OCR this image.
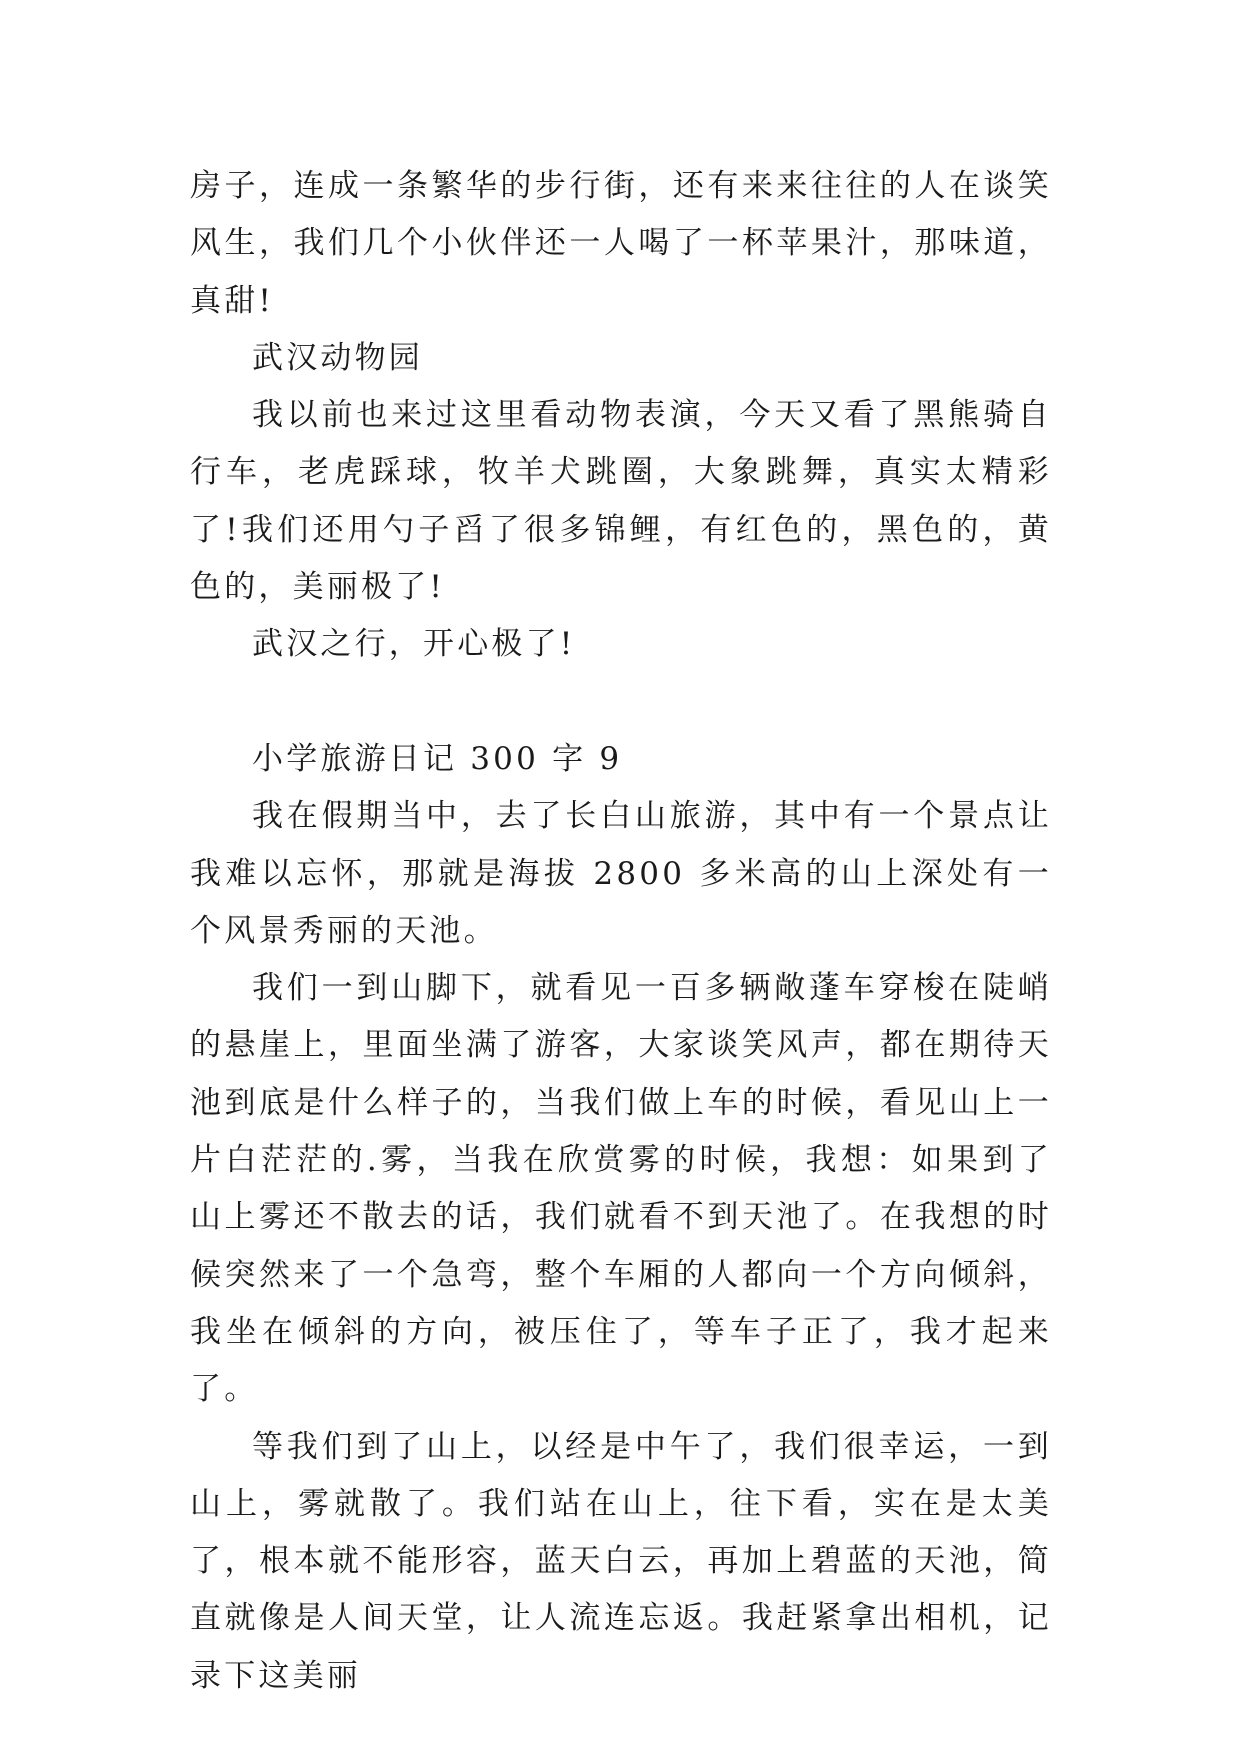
房子，连成一条繁华的步行街，还有来来往往的人在谈笑风生，我们几个小伙伴还一人喝了一杯苹果汁，那味道，真甜!

武汉动物园

我以前也来过这里看动物表演，今天又看了黑熊骑自行车，老虎踩球，牧羊犬跳圈，大象跳舞，真实太精彩了!我们还用勺子舀了很多锦鲤，有红色的，黑色的，黄色的，美丽极了!

武汉之行，开心极了!

小学旅游日记 300 字 9

我在假期当中，去了长白山旅游，其中有一个景点让我难以忘怀，那就是海拔 2800 多米高的山上深处有一个风景秀丽的天池。

我们一到山脚下，就看见一百多辆敞蓬车穿梭在陡峭的悬崖上，里面坐满了游客，大家谈笑风声，都在期待天池到底是什么样子的，当我们做上车的时候，看见山上一片白茫茫的.雾，当我在欣赏雾的时候，我想：如果到了山上雾还不散去的话，我们就看不到天池了。在我想的时候突然来了一个急弯，整个车厢的人都向一个方向倾斜，我坐在倾斜的方向，被压住了，等车子正了，我才起来了。

等我们到了山上，以经是中午了，我们很幸运，一到山上，雾就散了。我们站在山上，往下看，实在是太美了，根本就不能形容，蓝天白云，再加上碧蓝的天池，简直就像是人间天堂，让人流连忘返。我赶紧拿出相机，记录下这美丽
